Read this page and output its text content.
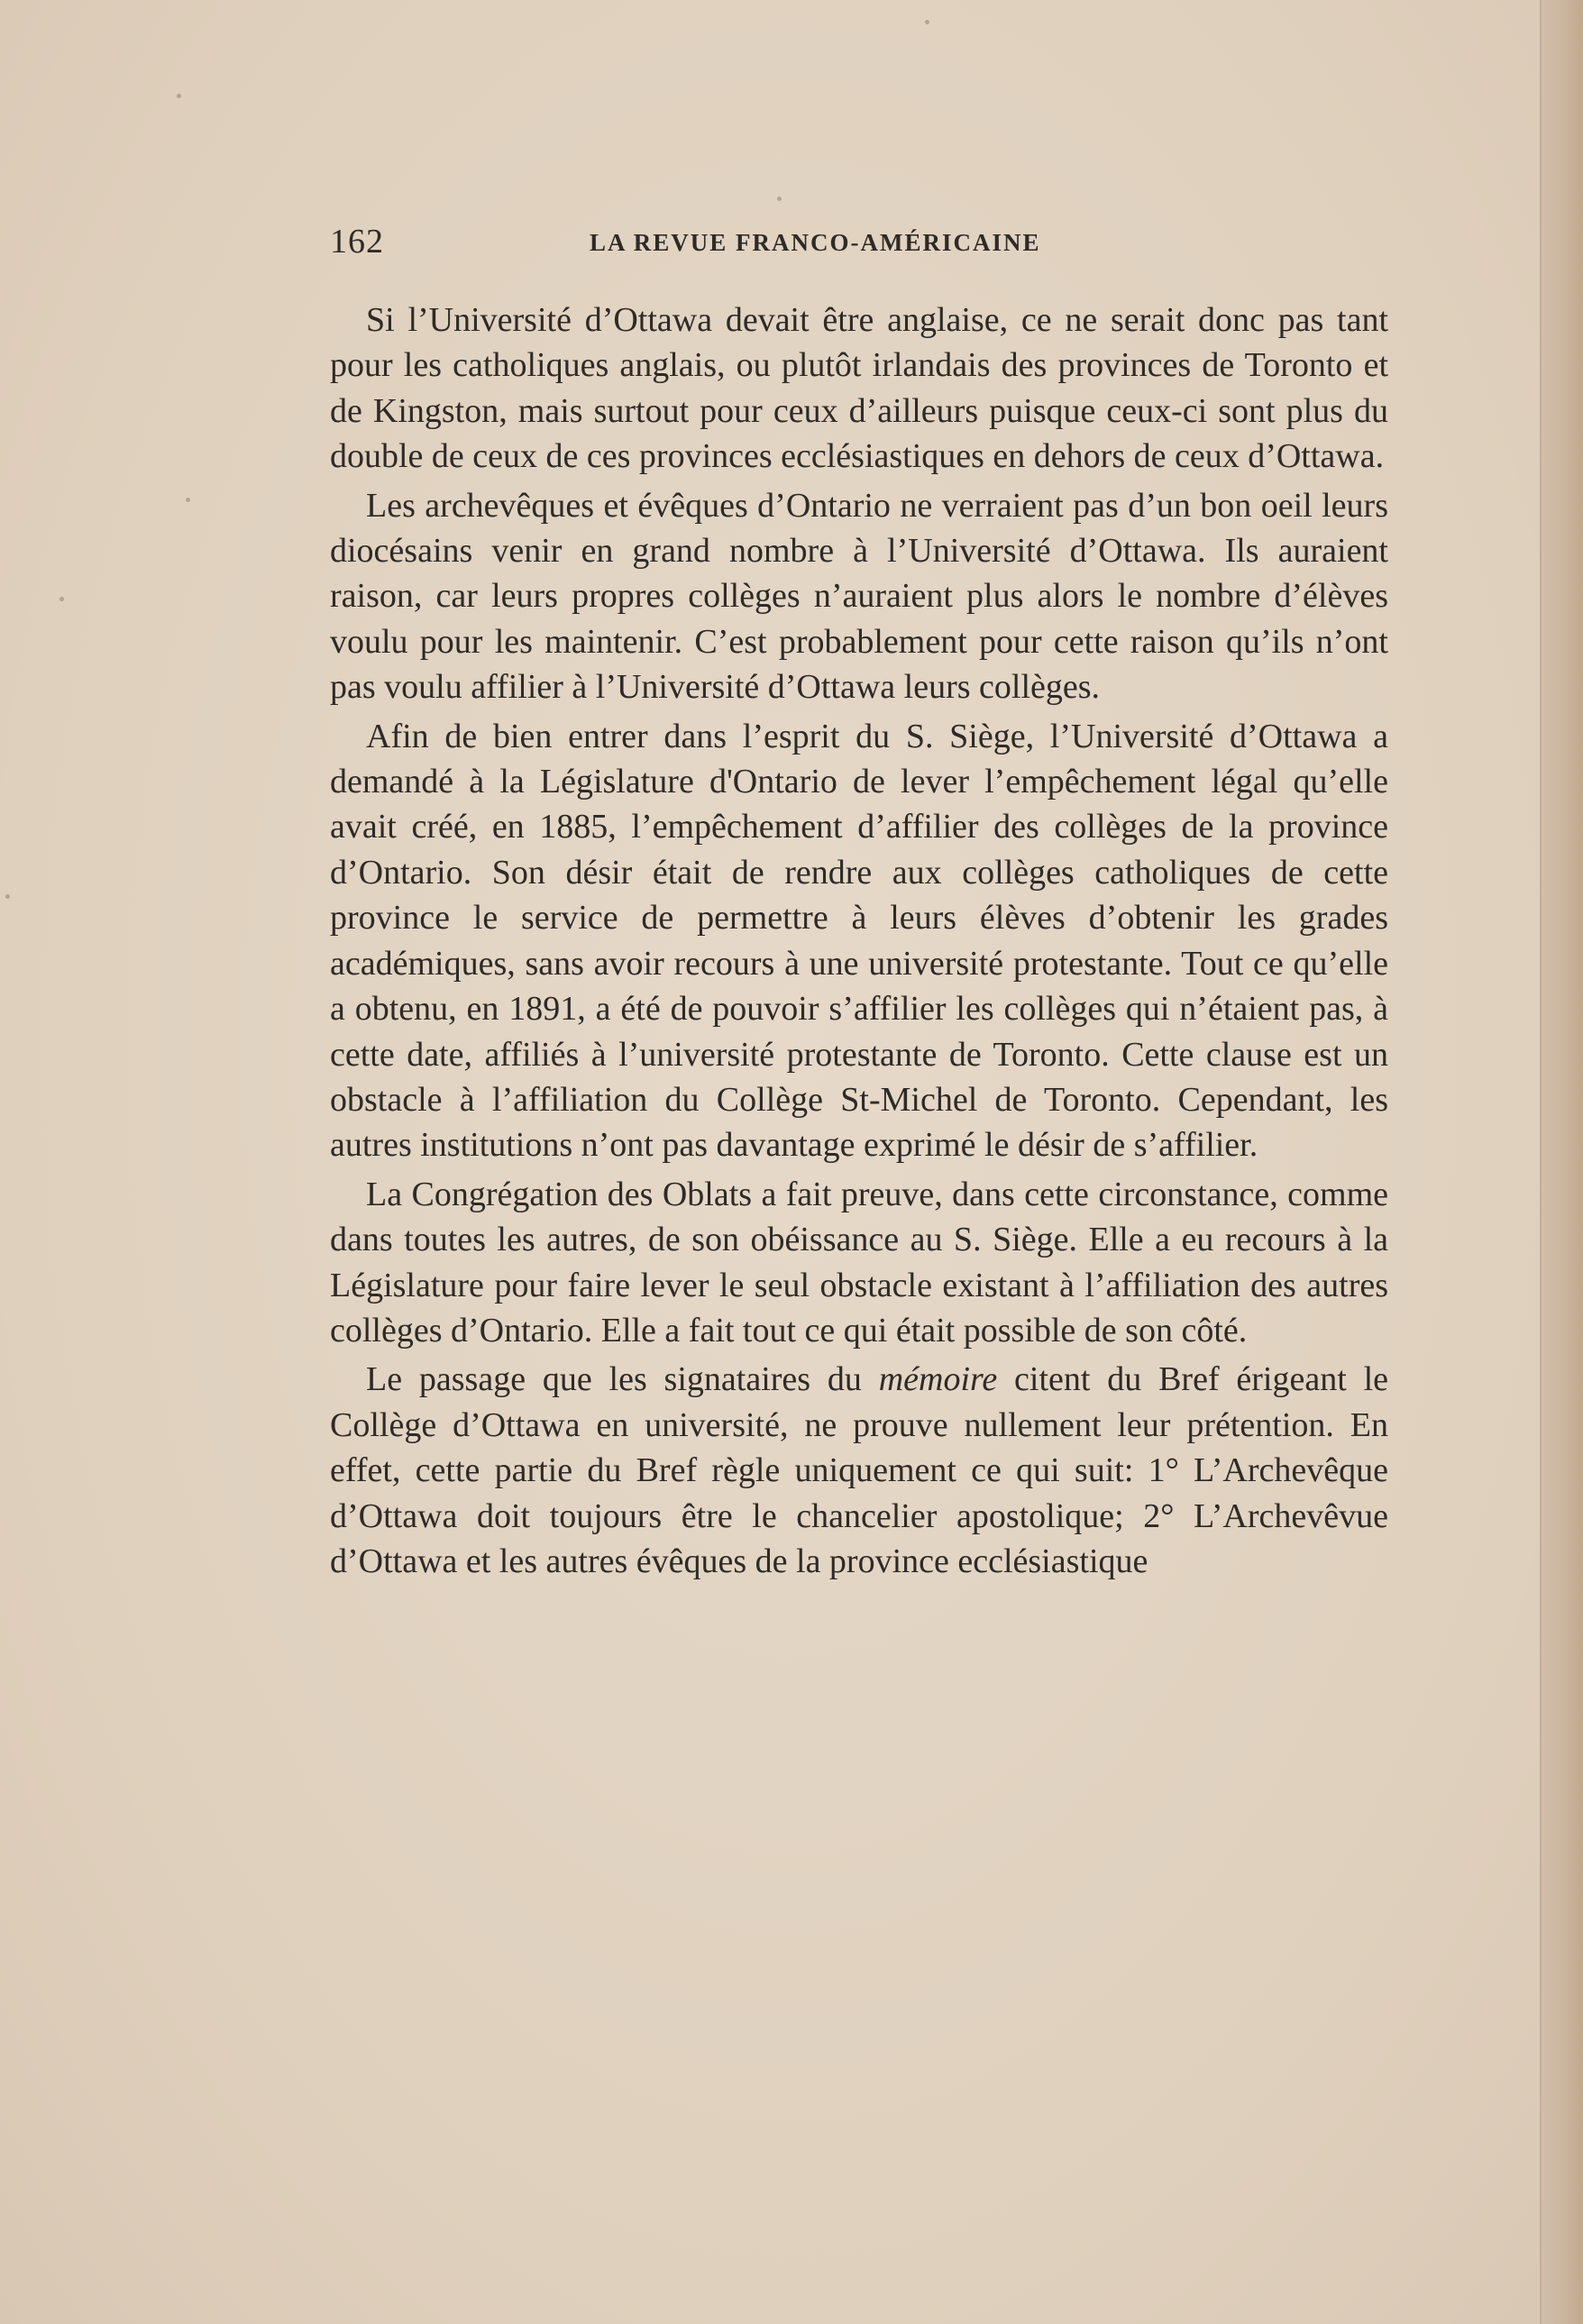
162	LA REVUE FRANCO-AMÉRICAINE

Si l’Université d’Ottawa devait être anglaise, ce ne serait donc pas tant pour les catholiques anglais, ou plutôt irlandais des provinces de Toronto et de Kingston, mais surtout pour ceux d’ailleurs puisque ceux-ci sont plus du double de ceux de ces provinces ecclésiastiques en dehors de ceux d’Ottawa.

Les archevêques et évêques d’Ontario ne verraient pas d’un bon oeil leurs diocésains venir en grand nombre à l’Université d’Ottawa. Ils auraient raison, car leurs propres collèges n’auraient plus alors le nombre d’élèves voulu pour les maintenir. C’est probablement pour cette raison qu’ils n’ont pas voulu affilier à l’Université d’Ottawa leurs collèges.

Afin de bien entrer dans l’esprit du S. Siège, l’Université d’Ottawa a demandé à la Législature d'Ontario de lever l’empêchement légal qu’elle avait créé, en 1885, l’empêchement d’affilier des collèges de la province d’Ontario. Son désir était de rendre aux collèges catholiques de cette province le service de permettre à leurs élèves d’obtenir les grades académiques, sans avoir recours à une université protestante. Tout ce qu’elle a obtenu, en 1891, a été de pouvoir s’affilier les collèges qui n’étaient pas, à cette date, affiliés à l’université protestante de Toronto. Cette clause est un obstacle à l’affiliation du Collège St-Michel de Toronto. Cependant, les autres institutions n’ont pas davantage exprimé le désir de s’affilier.

La Congrégation des Oblats a fait preuve, dans cette circonstance, comme dans toutes les autres, de son obéissance au S. Siège. Elle a eu recours à la Législature pour faire lever le seul obstacle existant à l’affiliation des autres collèges d’Ontario. Elle a fait tout ce qui était possible de son côté.

Le passage que les signataires du mémoire citent du Bref érigeant le Collège d’Ottawa en université, ne prouve nullement leur prétention. En effet, cette partie du Bref règle uniquement ce qui suit: 1° L’Archevêque d’Ottawa doit toujours être le chancelier apostolique; 2° L’Archevêvue d’Ottawa et les autres évêques de la province ecclésiastique
